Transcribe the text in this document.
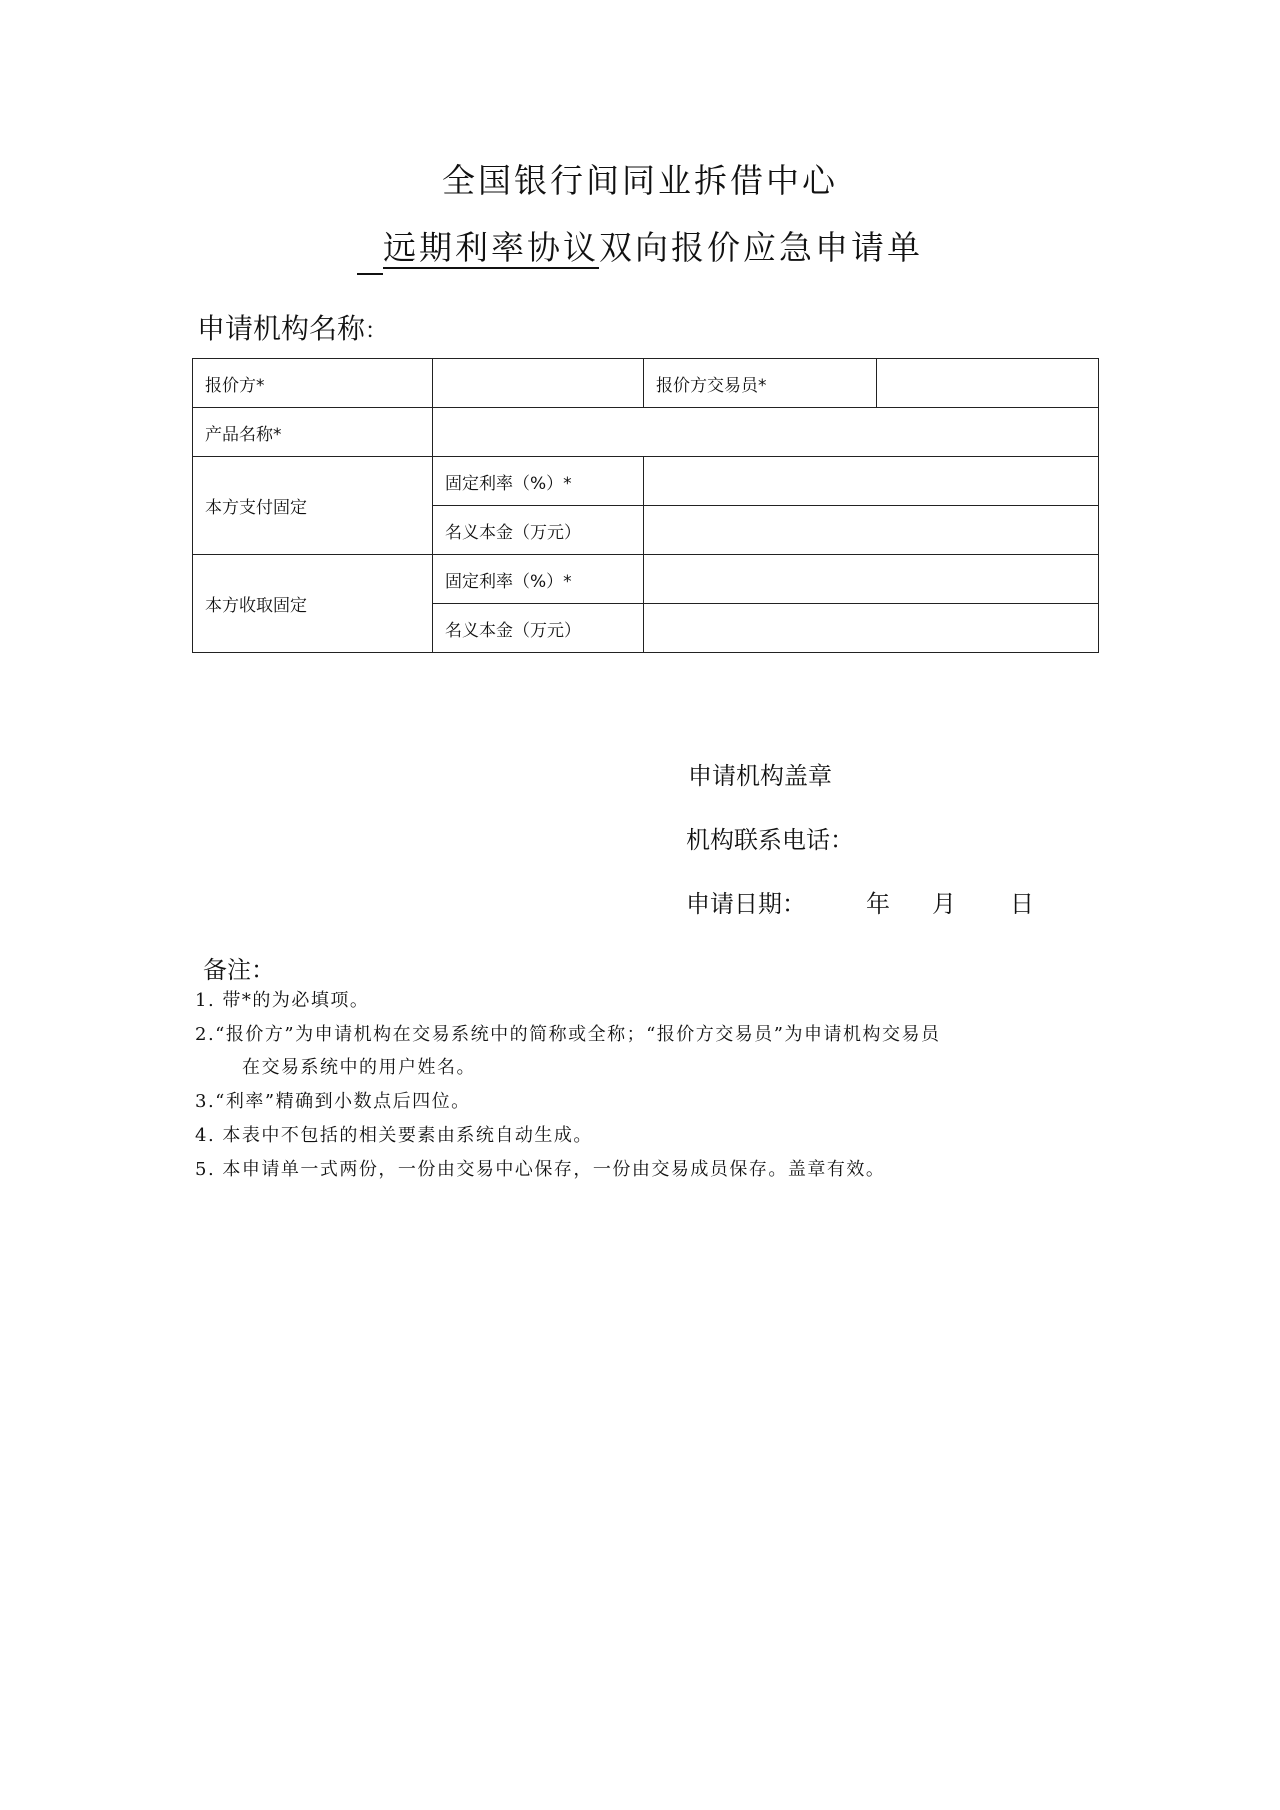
全国银行间同业拆借中心
远期利率协议双向报价应急申请单
申请机构名称：
报价方*		报价方交易员*	
产品名称*			
本方支付固定	固定利率（%）*		
	名义本金（万元）		
本方收取固定	固定利率（%）*		
	名义本金（万元）		
申请机构盖章
机构联系电话：
申请日期：	年 月 日
备注：
1. 带*的为必填项。
2.“报价方”为申请机构在交易系统中的简称或全称；“报价方交易员”为申请机构交易员
在交易系统中的用户姓名。
3.“利率”精确到小数点后四位。
4. 本表中不包括的相关要素由系统自动生成。
5. 本申请单一式两份，一份由交易中心保存，一份由交易成员保存。盖章有效。
